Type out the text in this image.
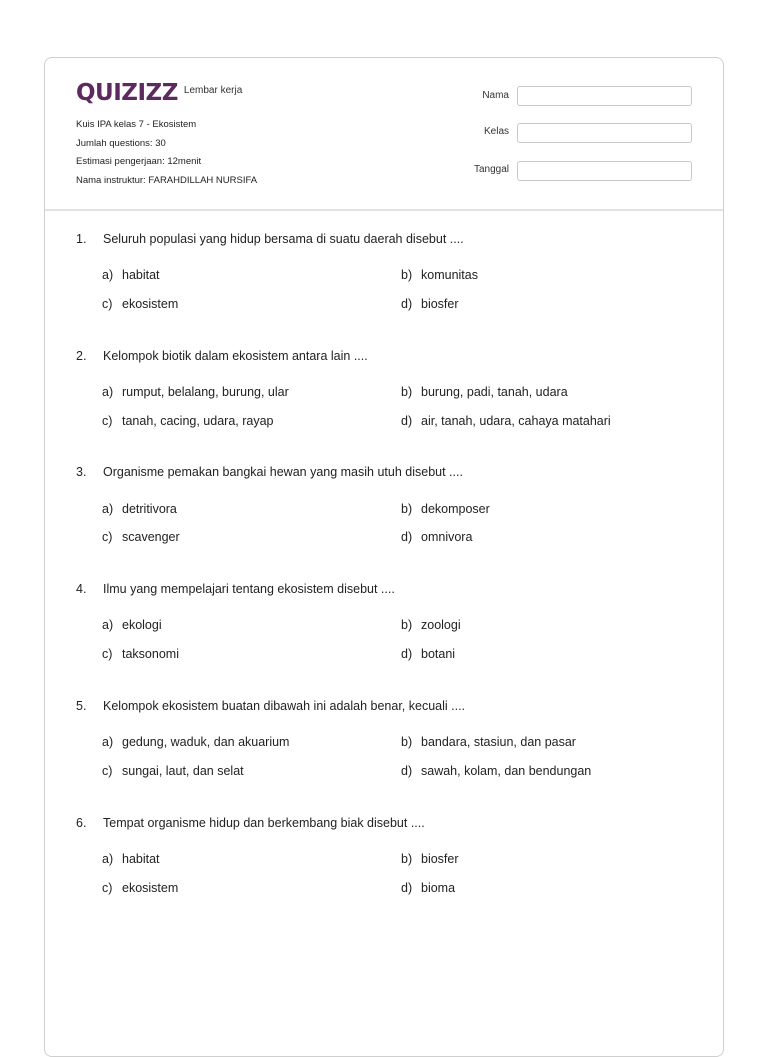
QUIZIZZ Lembar kerja
Kuis IPA kelas 7 - Ekosistem
Jumlah questions: 30
Estimasi pengerjaan: 12menit
Nama instruktur: FARAHDILLAH NURSIFA
Nama
Kelas
Tanggal
1.	Seluruh populasi yang hidup bersama di suatu daerah disebut ....
a) habitat	b) komunitas
c) ekosistem	d) biosfer
2.	Kelompok biotik dalam ekosistem antara lain ....
a) rumput, belalang, burung, ular	b) burung, padi, tanah, udara
c) tanah, cacing, udara, rayap	d) air, tanah, udara, cahaya matahari
3.	Organisme pemakan bangkai hewan yang masih utuh disebut ....
a) detritivora	b) dekomposer
c) scavenger	d) omnivora
4.	Ilmu yang mempelajari tentang ekosistem disebut ....
a) ekologi	b) zoologi
c) taksonomi	d) botani
5.	Kelompok ekosistem buatan dibawah ini adalah benar, kecuali ....
a) gedung, waduk, dan akuarium	b) bandara, stasiun, dan pasar
c) sungai, laut, dan selat	d) sawah, kolam, dan bendungan
6.	Tempat organisme hidup dan berkembang biak disebut ....
a) habitat	b) biosfer
c) ekosistem	d) bioma
